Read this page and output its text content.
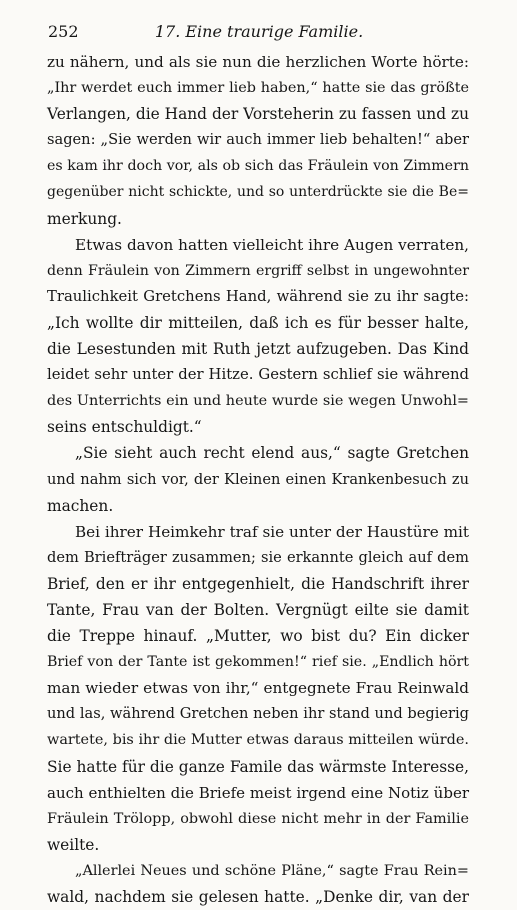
252	17. Eine traurige Familie.

zu nähern, und als sie nun die herzlichen Worte hörte:
„Ihr werdet euch immer lieb haben,“ hatte sie das größte
Verlangen, die Hand der Vorsteherin zu fassen und zu
sagen: „Sie werden wir auch immer lieb behalten!“ aber
es kam ihr doch vor, als ob sich das Fräulein von Zimmern
gegenüber nicht schickte, und so unterdrückte sie die Be=
merkung.

Etwas davon hatten vielleicht ihre Augen verraten,
denn Fräulein von Zimmern ergriff selbst in ungewohnter
Traulichkeit Gretchens Hand, während sie zu ihr sagte:
„Ich wollte dir mitteilen, daß ich es für besser halte,
die Lesestunden mit Ruth jetzt aufzugeben. Das Kind
leidet sehr unter der Hitze. Gestern schlief sie während
des Unterrichts ein und heute wurde sie wegen Unwohl=
seins entschuldigt.“

„Sie sieht auch recht elend aus,“ sagte Gretchen
und nahm sich vor, der Kleinen einen Krankenbesuch zu
machen.

Bei ihrer Heimkehr traf sie unter der Haustüre mit
dem Briefträger zusammen; sie erkannte gleich auf dem
Brief, den er ihr entgegenhielt, die Handschrift ihrer
Tante, Frau van der Bolten. Vergnügt eilte sie damit
die Treppe hinauf. „Mutter, wo bist du? Ein dicker
Brief von der Tante ist gekommen!“ rief sie. „Endlich hört
man wieder etwas von ihr,“ entgegnete Frau Reinwald
und las, während Gretchen neben ihr stand und begierig
wartete, bis ihr die Mutter etwas daraus mitteilen würde.
Sie hatte für die ganze Famile das wärmste Interesse,
auch enthielten die Briefe meist irgend eine Notiz über
Fräulein Trölopp, obwohl diese nicht mehr in der Familie
weilte.

„Allerlei Neues und schöne Pläne,“ sagte Frau Rein=
wald, nachdem sie gelesen hatte. „Denke dir, van der
